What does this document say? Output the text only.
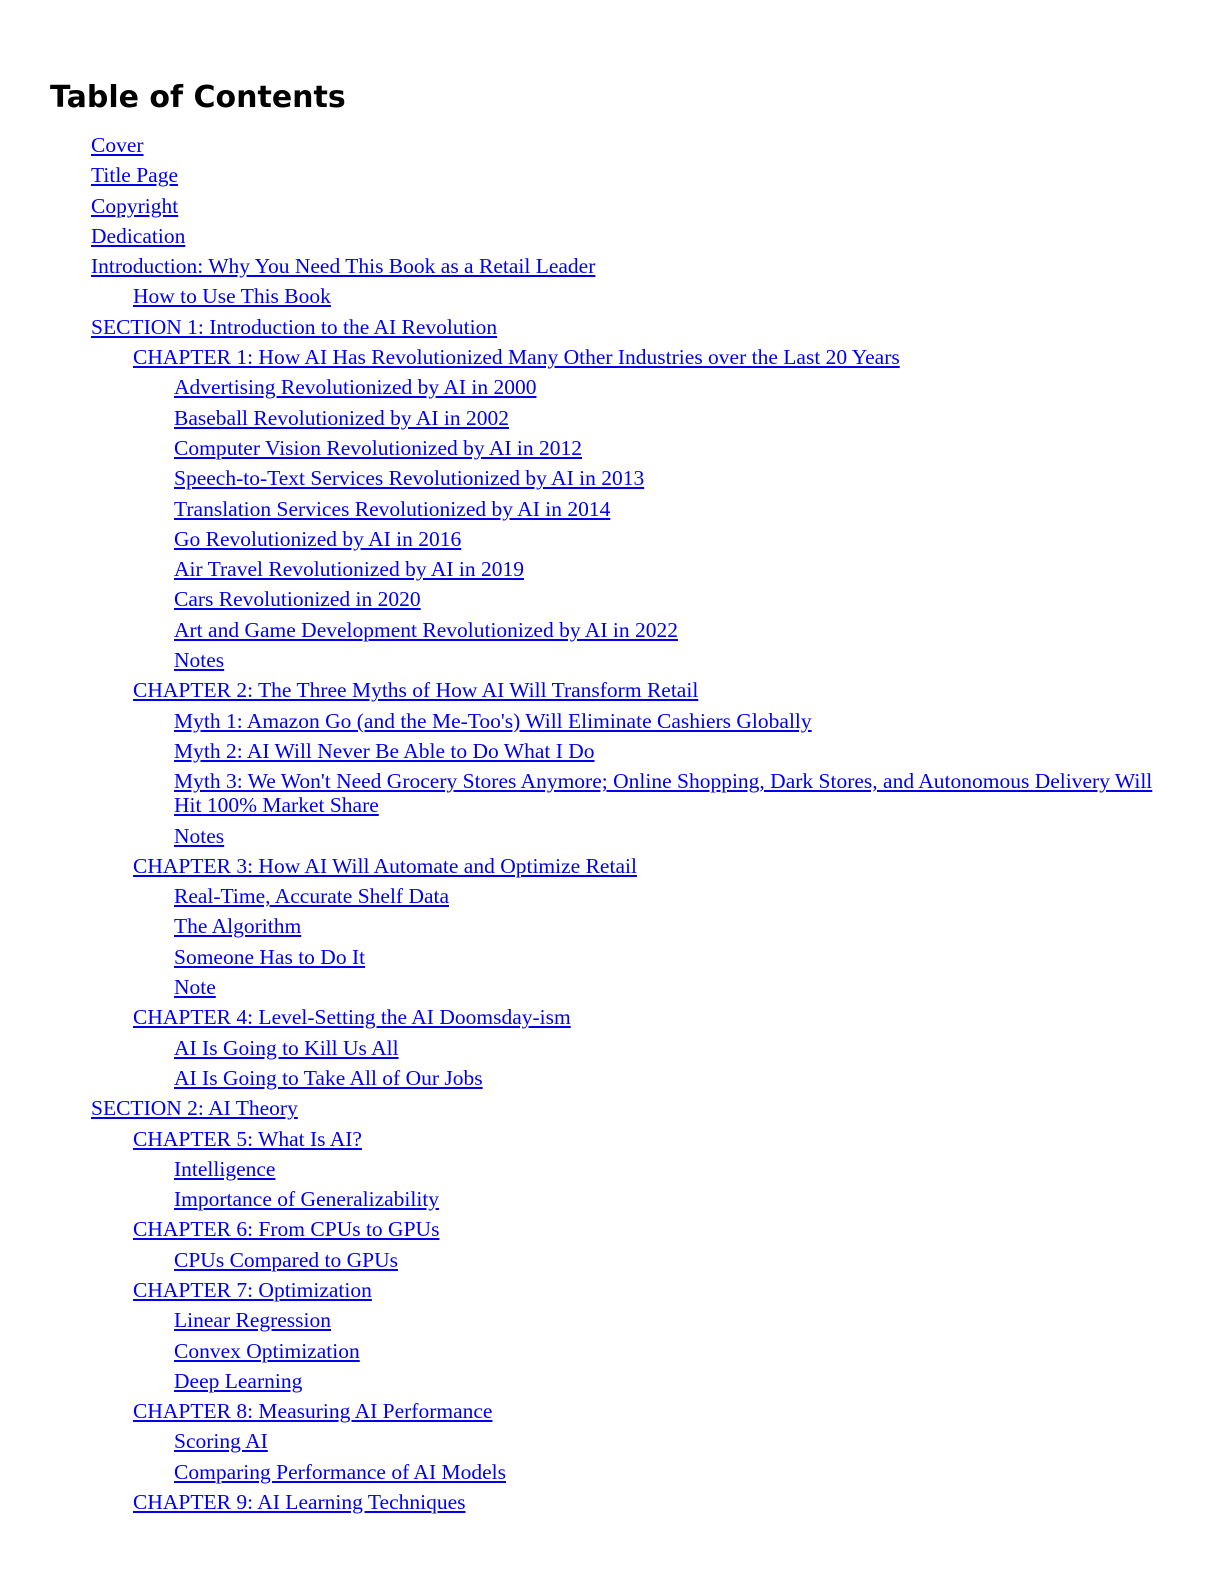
Table of Contents
Cover
Title Page
Copyright
Dedication
Introduction: Why You Need This Book as a Retail Leader
How to Use This Book
SECTION 1: Introduction to the AI Revolution
CHAPTER 1: How AI Has Revolutionized Many Other Industries over the Last 20 Years
Advertising Revolutionized by AI in 2000
Baseball Revolutionized by AI in 2002
Computer Vision Revolutionized by AI in 2012
Speech-to-Text Services Revolutionized by AI in 2013
Translation Services Revolutionized by AI in 2014
Go Revolutionized by AI in 2016
Air Travel Revolutionized by AI in 2019
Cars Revolutionized in 2020
Art and Game Development Revolutionized by AI in 2022
Notes
CHAPTER 2: The Three Myths of How AI Will Transform Retail
Myth 1: Amazon Go (and the Me-Too's) Will Eliminate Cashiers Globally
Myth 2: AI Will Never Be Able to Do What I Do
Myth 3: We Won't Need Grocery Stores Anymore; Online Shopping, Dark Stores, and Autonomous Delivery Will Hit 100% Market Share
Notes
CHAPTER 3: How AI Will Automate and Optimize Retail
Real-Time, Accurate Shelf Data
The Algorithm
Someone Has to Do It
Note
CHAPTER 4: Level-Setting the AI Doomsday-ism
AI Is Going to Kill Us All
AI Is Going to Take All of Our Jobs
SECTION 2: AI Theory
CHAPTER 5: What Is AI?
Intelligence
Importance of Generalizability
CHAPTER 6: From CPUs to GPUs
CPUs Compared to GPUs
CHAPTER 7: Optimization
Linear Regression
Convex Optimization
Deep Learning
CHAPTER 8: Measuring AI Performance
Scoring AI
Comparing Performance of AI Models
CHAPTER 9: AI Learning Techniques
